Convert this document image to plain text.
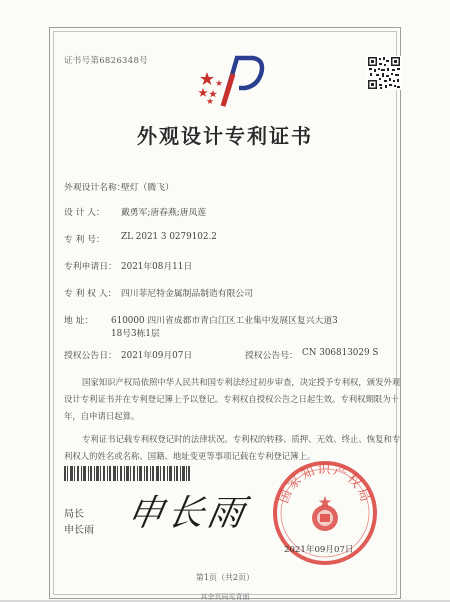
证书号第6826348号
外观设计专利证书
外观设计名称：
壁灯（腾飞）
设 计 人： 戴勇军;唐春燕;唐凤莲
专 利 号： ZL 2021 3 0279102.2
专利申请日： 2021年08月11日
专 利 权 人： 四川菲尼特金属制品制造有限公司
地 址： 610000 四川省成都市青白江区工业集中发展区复兴大道3
18号3栋1层
授权公告日： 2021年09月07日	授权公告号： CN 306813029 S
国家知识产权局依照中华人民共和国专利法经过初步审查，决定授予专利权，颁发外观
设计专利证书并在专利登记簿上予以登记。专利权自授权公告之日起生效。专利权期限为十
年，自申请日起算。
专利证书记载专利权登记时的法律状况。专利权的转移、质押、无效、终止、恢复和专
利权人的姓名或名称、国籍、地址变更等事项记载在专利登记簿上。
局长
申长雨 申长雨 国家知识产权局
2021年09月07日
第1页（共2页）
其余页码见背面
